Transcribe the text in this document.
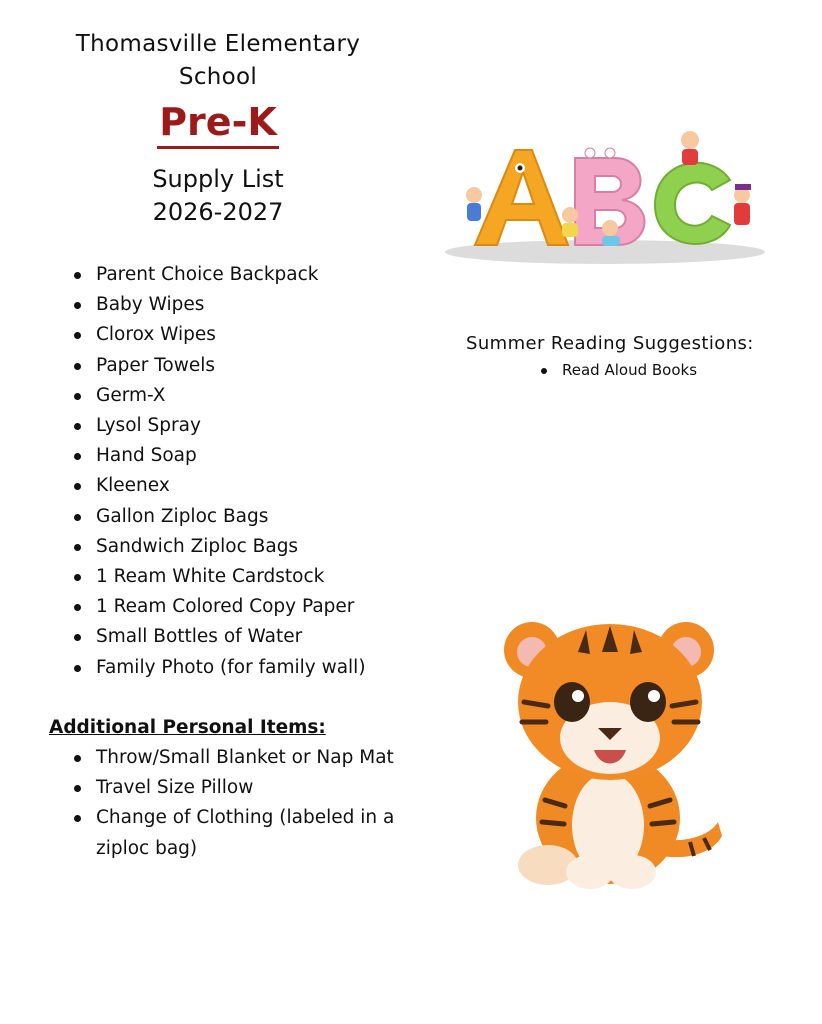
Thomasville Elementary School
Pre-K
Supply List
2026-2027
Parent Choice Backpack
Baby Wipes
Clorox Wipes
Paper Towels
Germ-X
Lysol Spray
Hand Soap
Kleenex
Gallon Ziploc Bags
Sandwich Ziploc Bags
1 Ream White Cardstock
1 Ream Colored Copy Paper
Small Bottles of Water
Family Photo (for family wall)
Additional Personal Items:
Throw/Small Blanket or Nap Mat
Travel Size Pillow
Change of Clothing (labeled in a ziploc bag)
Summer Reading Suggestions:
Read Aloud Books
